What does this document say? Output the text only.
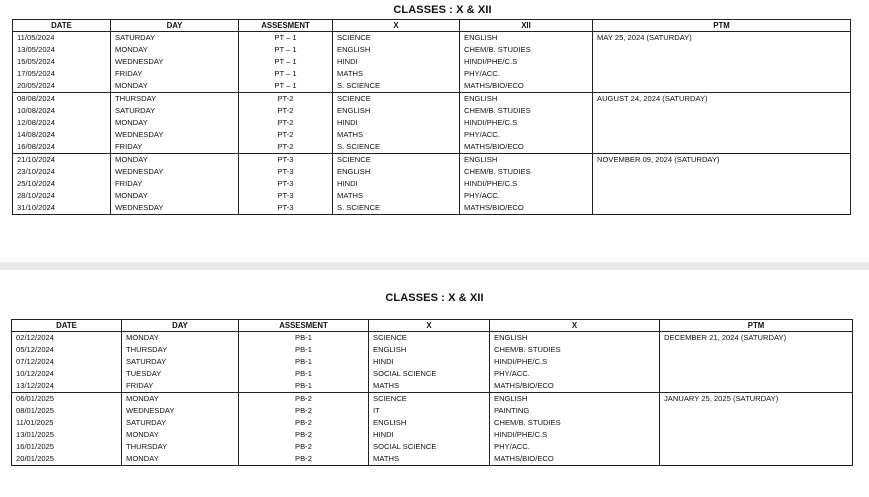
CLASSES : X & XII
DATE	DAY	ASSESMENT	X	XII	PTM
11/05/2024	SATURDAY	PT – 1	SCIENCE	ENGLISH	MAY 25, 2024 (SATURDAY)
13/05/2024	MONDAY	PT – 1	ENGLISH	CHEM/B. STUDIES	
15/05/2024	WEDNESDAY	PT – 1	HINDI	HINDI/PHE/C.S	
17/05/2024	FRIDAY	PT – 1	MATHS	PHY/ACC.	
20/05/2024	MONDAY	PT – 1	S. SCIENCE	MATHS/BIO/ECO	
08/08/2024	THURSDAY	PT-2	SCIENCE	ENGLISH	AUGUST 24, 2024 (SATURDAY)
10/08/2024	SATURDAY	PT-2	ENGLISH	CHEM/B. STUDIES	
12/08/2024	MONDAY	PT-2	HINDI	HINDI/PHE/C.S	
14/08/2024	WEDNESDAY	PT-2	MATHS	PHY/ACC.	
16/08/2024	FRIDAY	PT-2	S. SCIENCE	MATHS/BIO/ECO	
21/10/2024	MONDAY	PT-3	SCIENCE	ENGLISH	NOVEMBER 09, 2024 (SATURDAY)
23/10/2024	WEDNESDAY	PT-3	ENGLISH	CHEM/B. STUDIES	
25/10/2024	FRIDAY	PT-3	HINDI	HINDI/PHE/C.S	
28/10/2024	MONDAY	PT-3	MATHS	PHY/ACC.	
31/10/2024	WEDNESDAY	PT-3	S. SCIENCE	MATHS/BIO/ECO	
CLASSES : X & XII
DATE	DAY	ASSESMENT	X	X	PTM
02/12/2024	MONDAY	PB-1	SCIENCE	ENGLISH	DECEMBER 21, 2024 (SATURDAY)
05/12/2024	THURSDAY	PB-1	ENGLISH	CHEM/B. STUDIES	
07/12/2024	SATURDAY	PB-1	HINDI	HINDI/PHE/C.S	
10/12/2024	TUESDAY	PB-1	SOCIAL SCIENCE	PHY/ACC.	
13/12/2024	FRIDAY	PB-1	MATHS	MATHS/BIO/ECO	
06/01/2025	MONDAY	PB-2	SCIENCE	ENGLISH	JANUARY 25, 2025 (SATURDAY)
08/01/2025	WEDNESDAY	PB-2	IT	PAINTING	
11/01/2025	SATURDAY	PB-2	ENGLISH	CHEM/B. STUDIES	
13/01/2025	MONDAY	PB-2	HINDI	HINDI/PHE/C.S	
16/01/2025	THURSDAY	PB-2	SOCIAL SCIENCE	PHY/ACC.	
20/01/2025	MONDAY	PB-2	MATHS	MATHS/BIO/ECO	
